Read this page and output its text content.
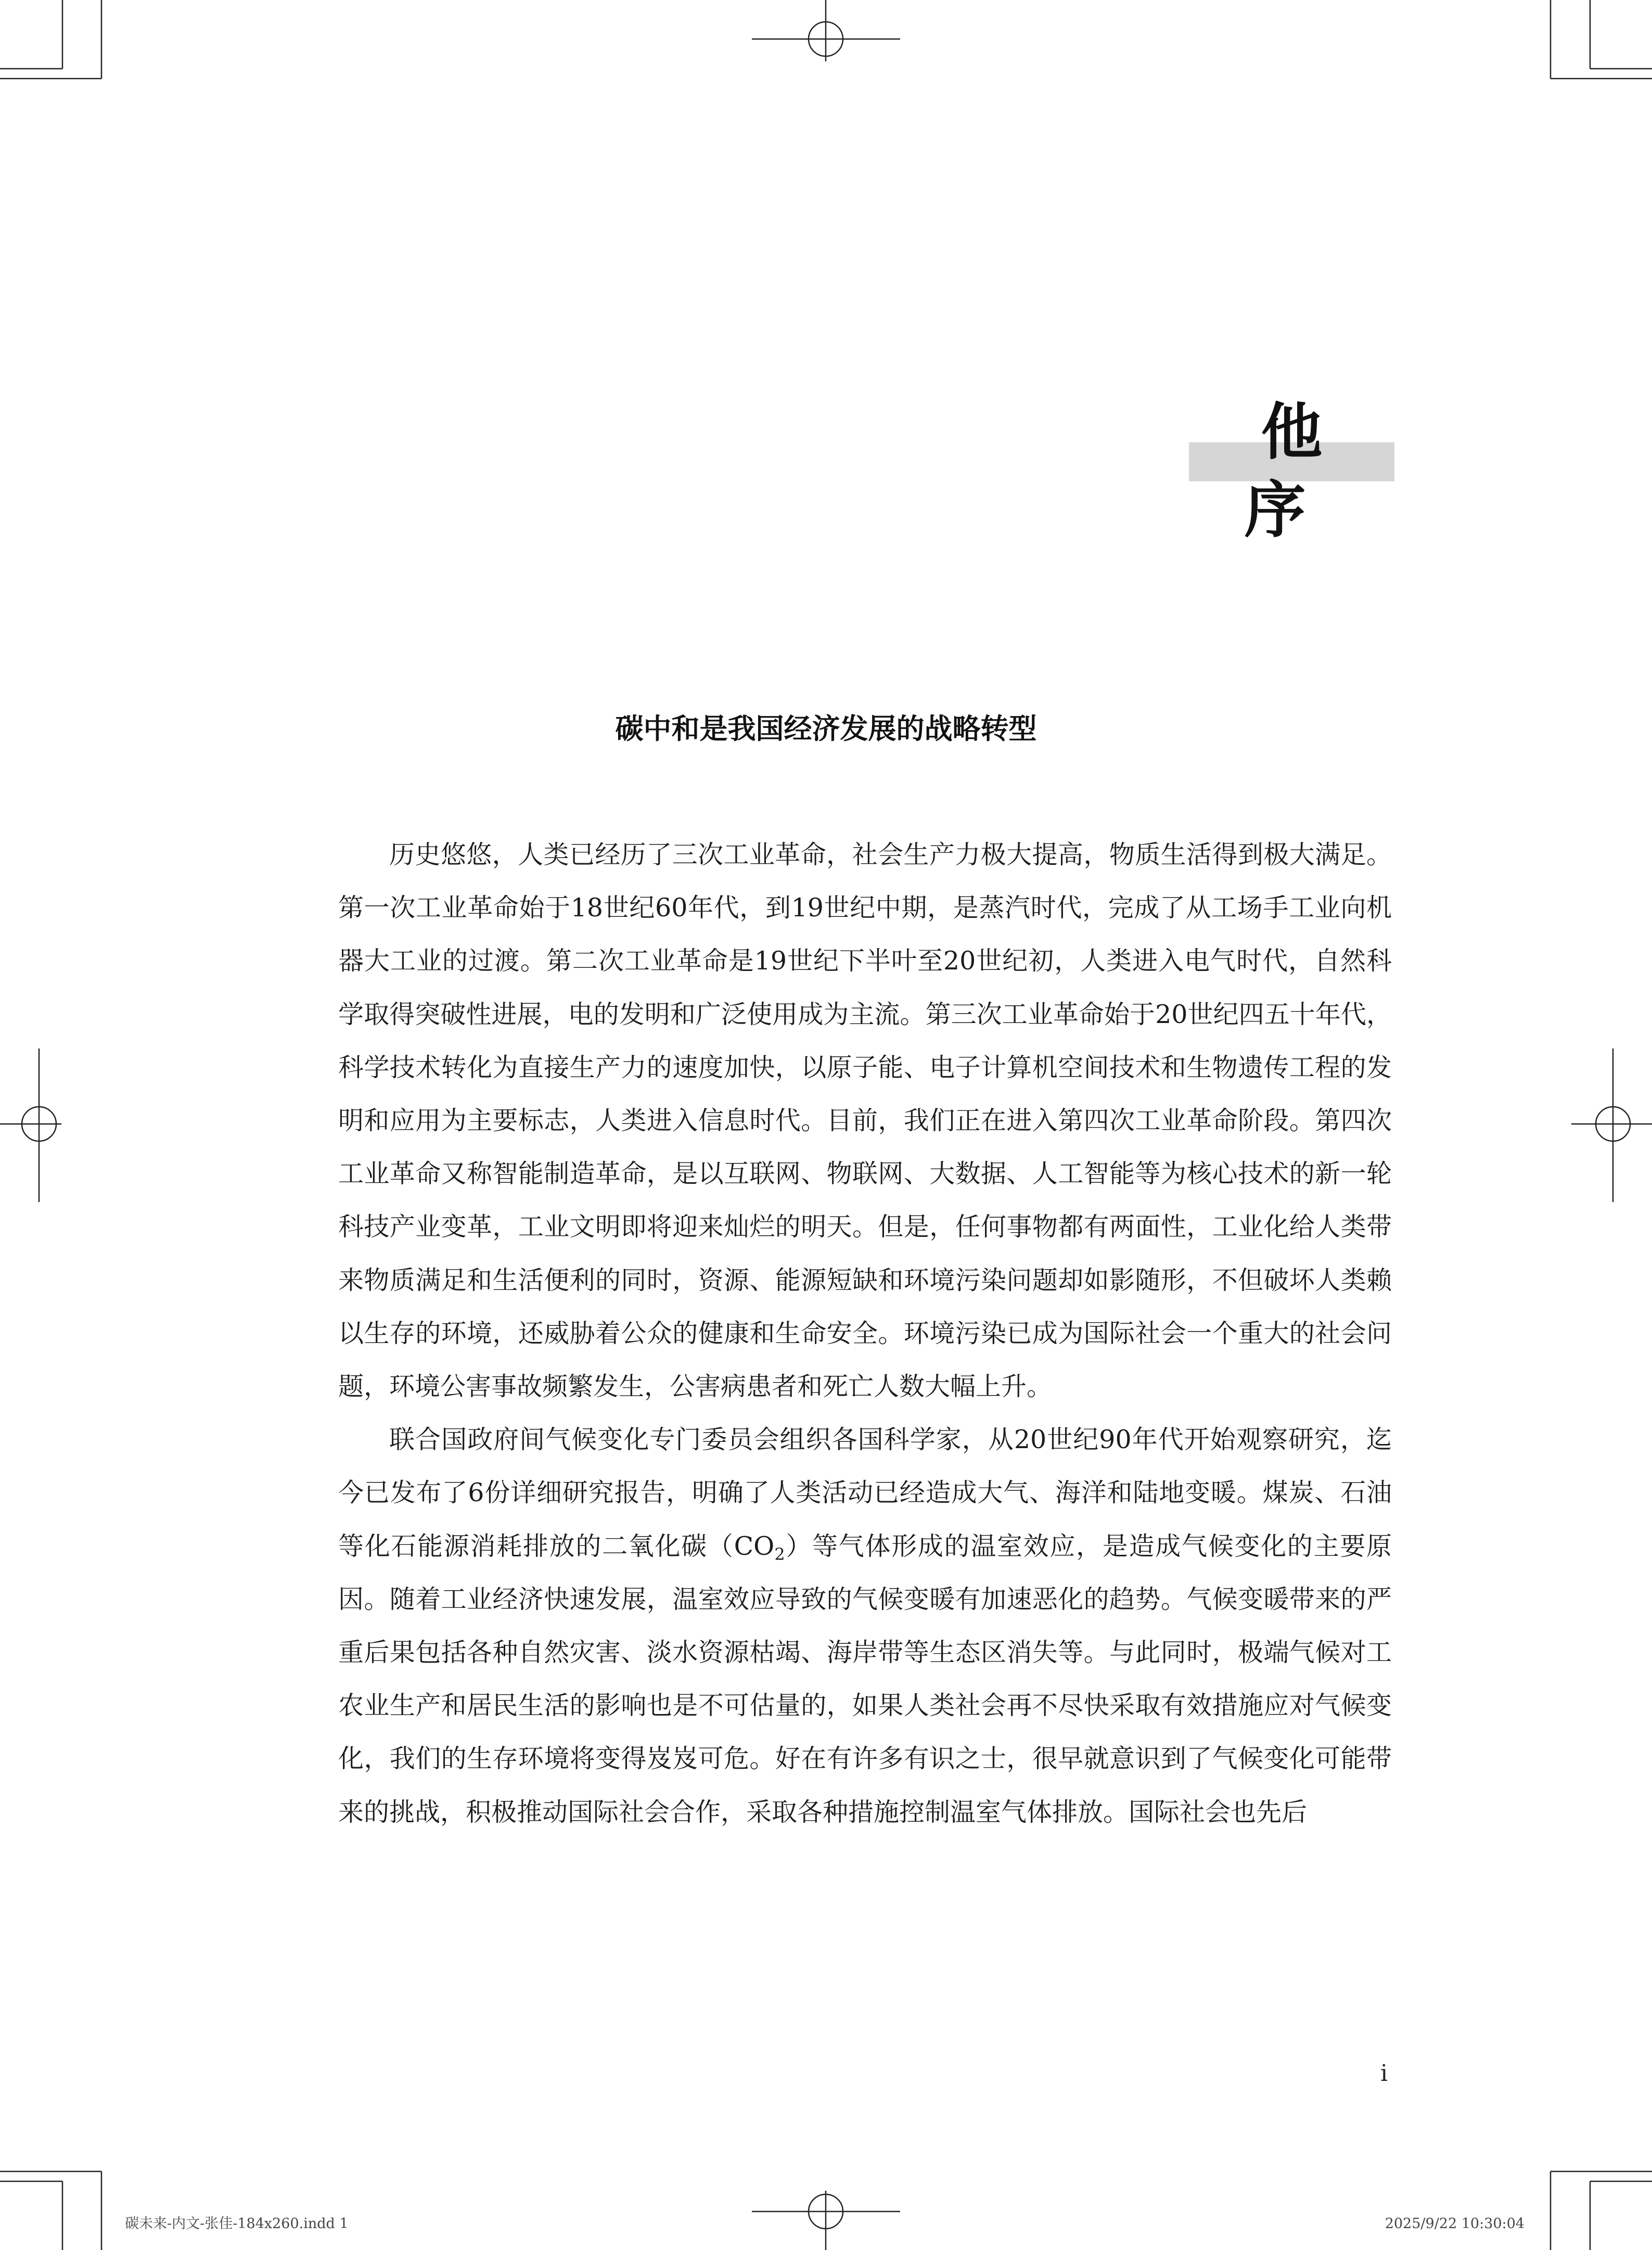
他序
碳中和是我国经济发展的战略转型

历史悠悠，人类已经历了三次工业革命，社会生产力极大提高，物质生活得到极大满足。第一次工业革命始于18世纪60年代，到19世纪中期，是蒸汽时代，完成了从工场手工业向机器大工业的过渡。第二次工业革命是19世纪下半叶至20世纪初，人类进入电气时代，自然科学取得突破性进展，电的发明和广泛使用成为主流。第三次工业革命始于20世纪四五十年代，科学技术转化为直接生产力的速度加快，以原子能、电子计算机空间技术和生物遗传工程的发明和应用为主要标志，人类进入信息时代。目前，我们正在进入第四次工业革命阶段。第四次工业革命又称智能制造革命，是以互联网、物联网、大数据、人工智能等为核心技术的新一轮科技产业变革，工业文明即将迎来灿烂的明天。但是，任何事物都有两面性，工业化给人类带来物质满足和生活便利的同时，资源、能源短缺和环境污染问题却如影随形，不但破坏人类赖以生存的环境，还威胁着公众的健康和生命安全。环境污染已成为国际社会一个重大的社会问题，环境公害事故频繁发生，公害病患者和死亡人数大幅上升。

联合国政府间气候变化专门委员会组织各国科学家，从20世纪90年代开始观察研究，迄今已发布了6份详细研究报告，明确了人类活动已经造成大气、海洋和陆地变暖。煤炭、石油等化石能源消耗排放的二氧化碳$(CO_2)$等气体形成的温室效应，是造成气候变化的主要原因。随着工业经济快速发展，温室效应导致的气候变暖有加速恶化的趋势。气候变暖带来的严重后果包括各种自然灾害、淡水资源枯竭、海岸带等生态区消失等。与此同时，极端气候对工农业生产和居民生活的影响也是不可估量的，如果人类社会再不尽快采取有效措施应对气候变化，我们的生存环境将变得岌岌可危。好在有许多有识之士，很早就意识到了气候变化可能带来的挑战，积极推动国际社会合作，采取各种措施控制温室气体排放。国际社会也先后

i
碳未来-内文-张佳-184x260.indd 1	2025/9/22 10:30:04
